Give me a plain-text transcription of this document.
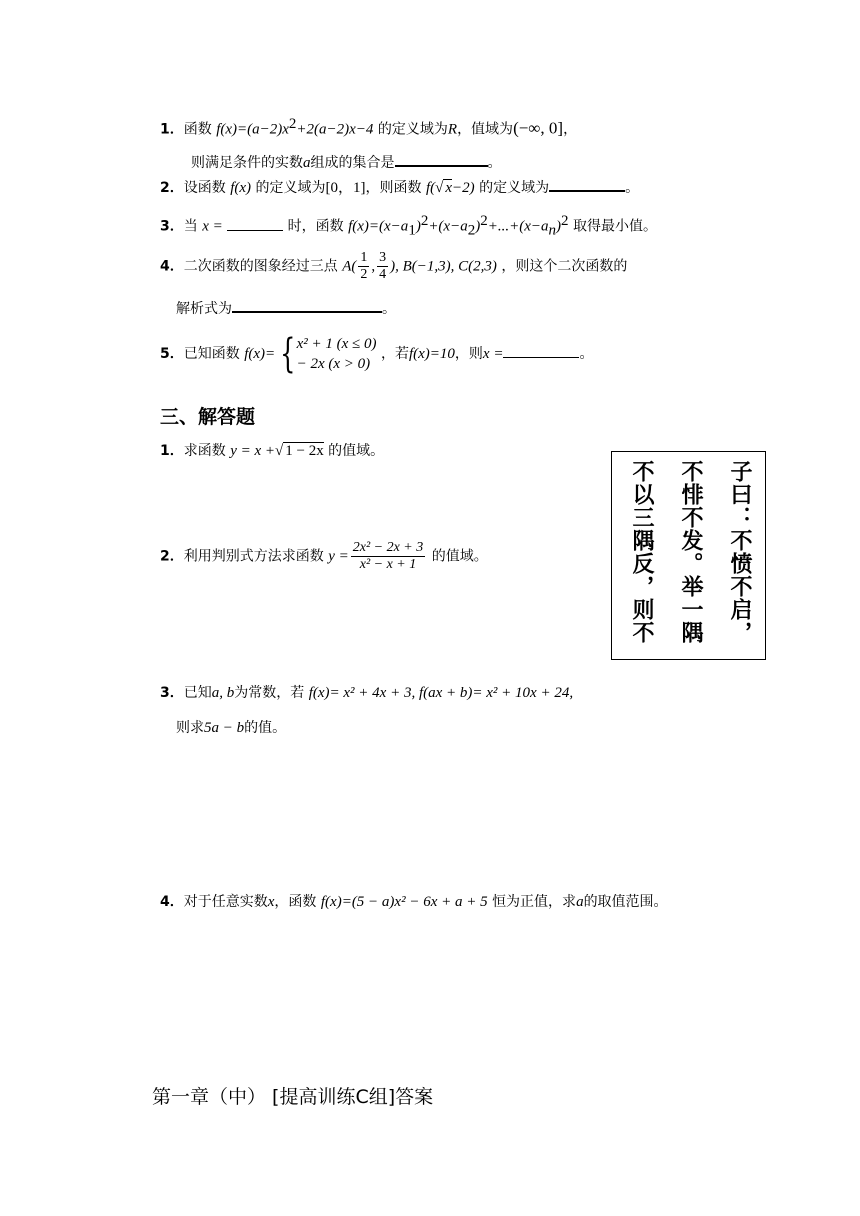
1．函数 $f(x)=(a-2)x^2+2(a-2)x-4$ 的定义域为R，值域为(−∞, 0]，
则满足条件的实数a组成的集合是	。
2．设函数 f(x) 的定义域为[0，1]，则函数 f(√ x−2) 的定义域为	。
3．当 x =	时，函数 $f(x)=(x-a_1)^2+(x-a_2)^2+...+(x-a_n)^2$ 取得最小值。
4．二次函数的图象经过三点 $A( \frac{1}{2}$ , $\frac{3}{4}$ ), B(−1,3), C(2,3) ，则这个二次函数的
解析式为	。
5．已知函数 f(x)= { x² + 1 (x ≤ 0)
− 2x (x > 0)
，若f(x)=10，则x =	。
三、解答题
1．求函数 y = x +√ 1 − 2x 的值域。
2．利用判别式方法求函数 $y = \frac{\text{2x² − 2x + 3}}{\text{x² − x + 1}}$ 的值域。	子曰：不愤不启，
不悱不发。举一隅
不以三隅反，则不
3．已知a, b为常数，若 f(x)= x² + 4x + 3, f(ax + b)= x² + 10x + 24,
则求5a − b的值。
4．对于任意实数x，函数 f(x)=(5 − a)x² − 6x + a + 5 恒为正值，求a的取值范围。
第一章（中） [提高训练C组]答案
